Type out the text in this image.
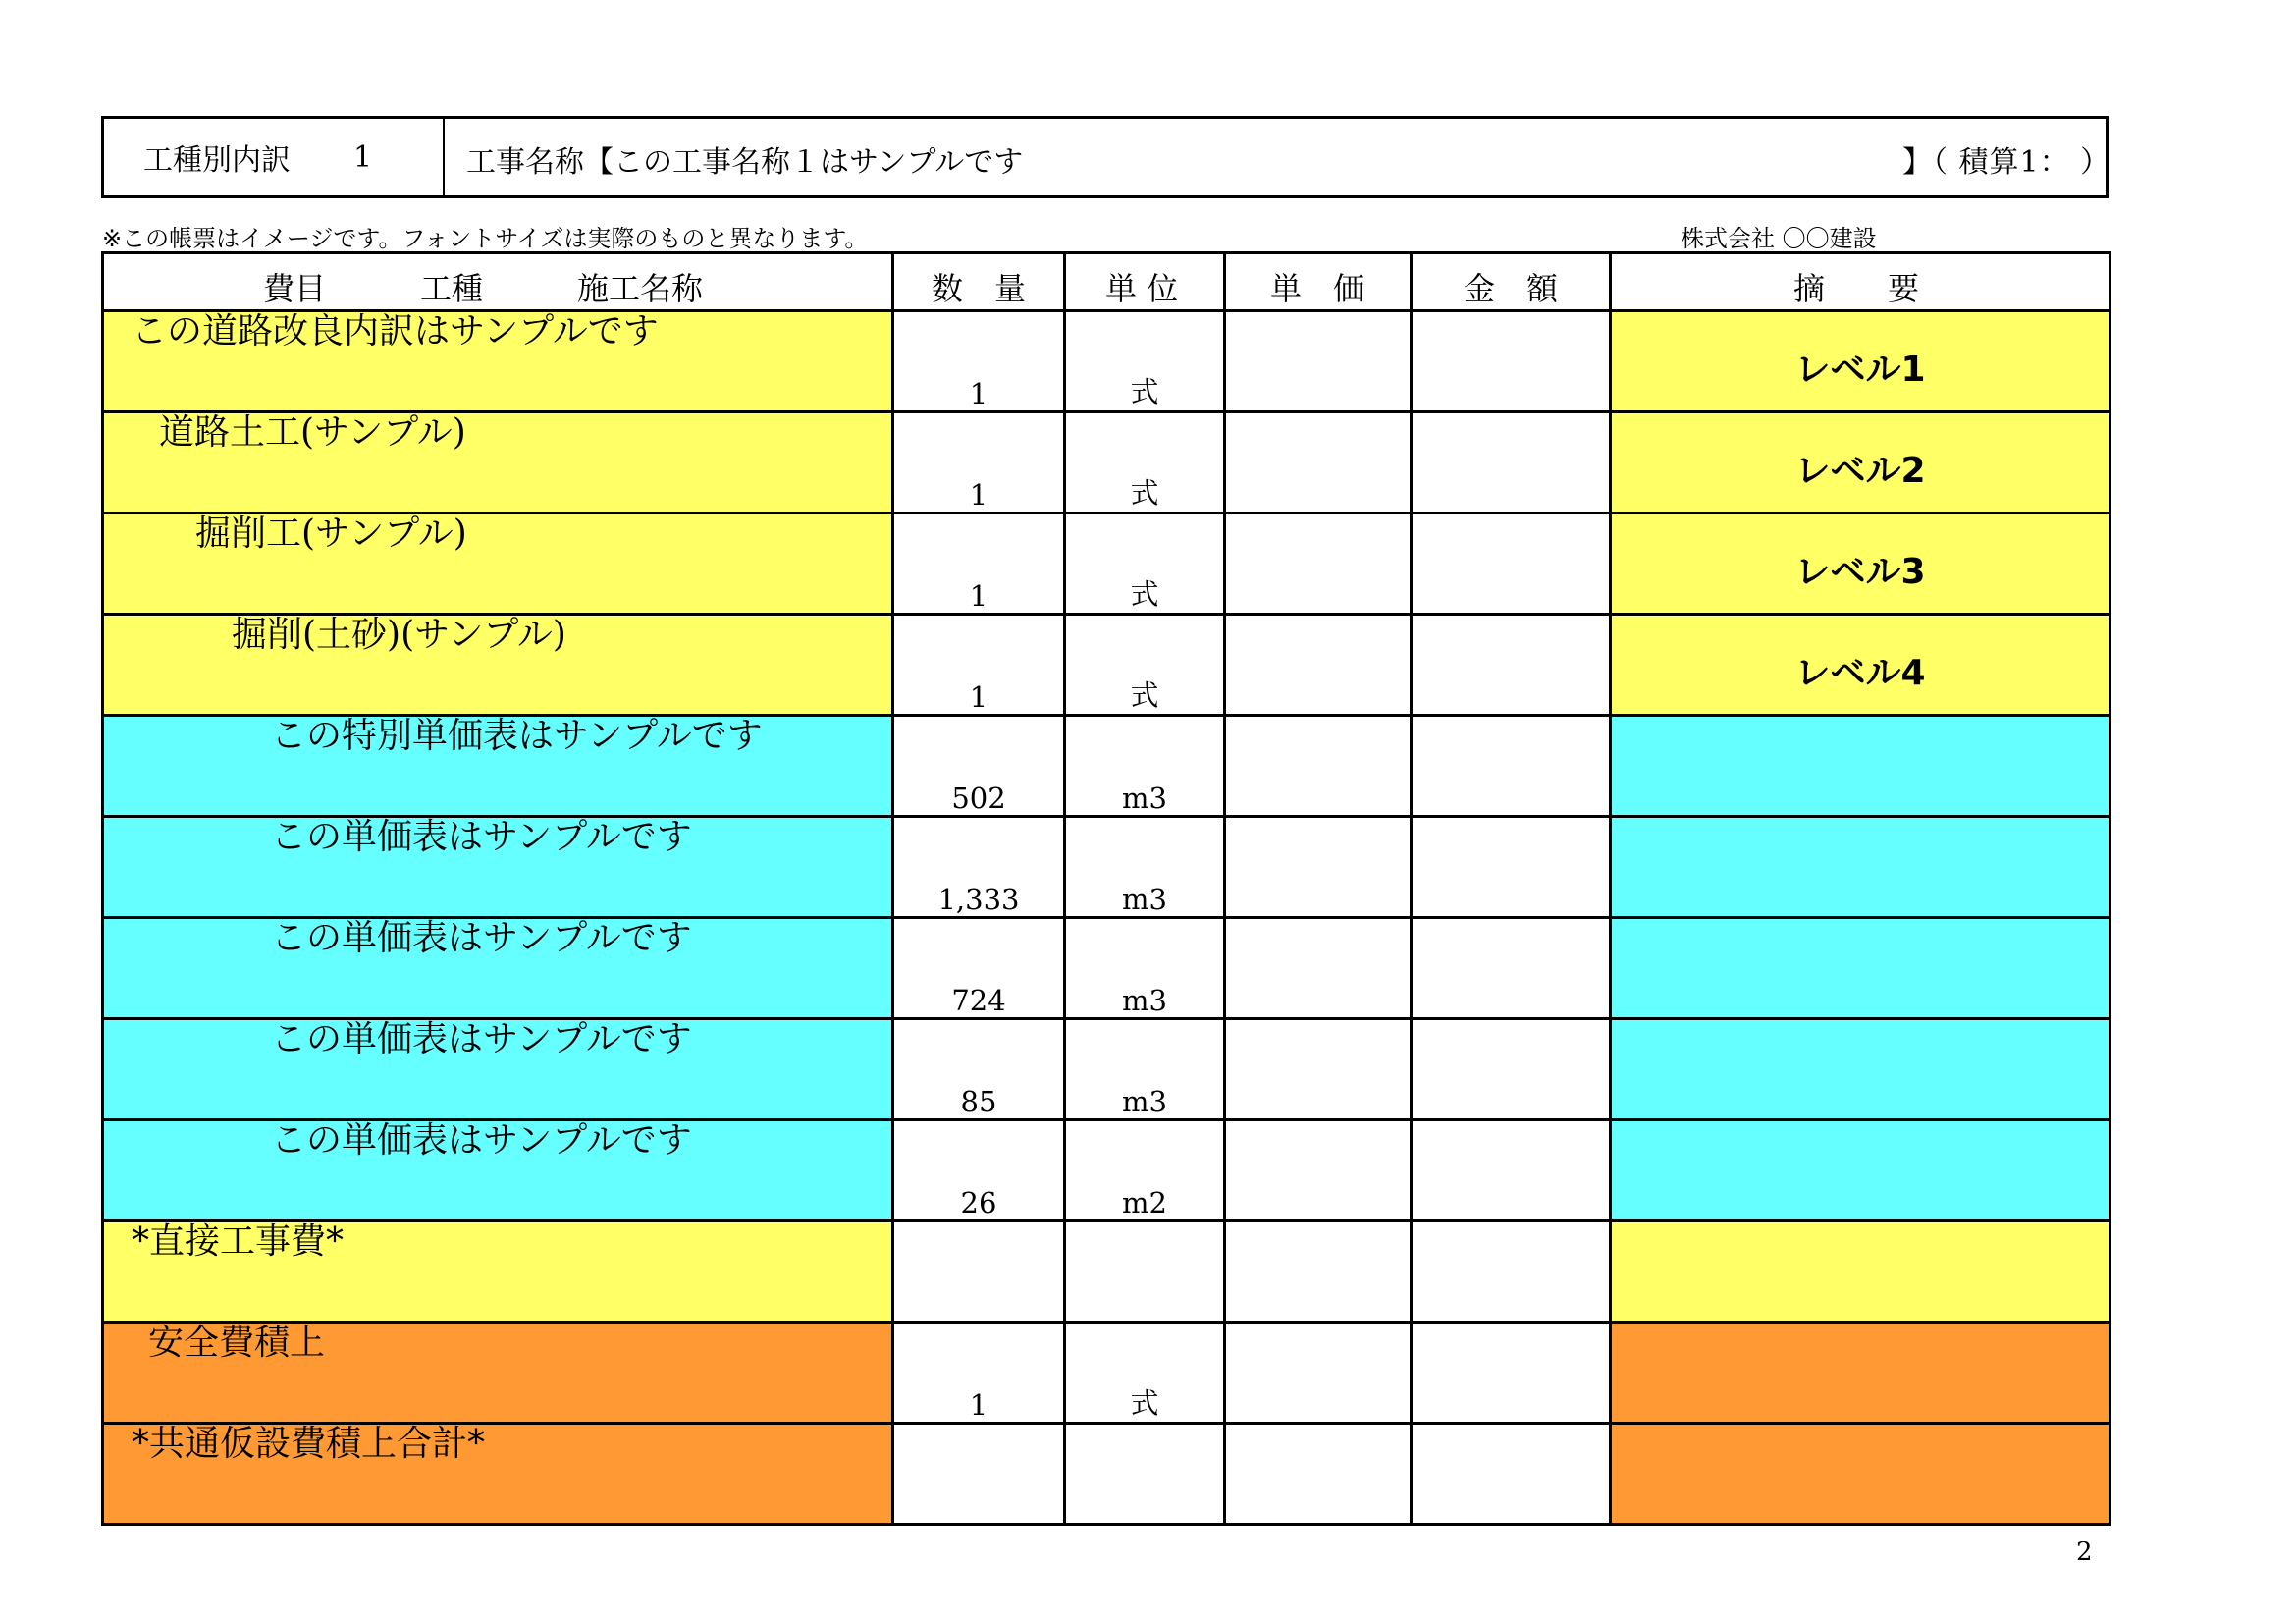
工種別内訳 1	工事名称【この工事名称１はサンプルです	】（ 積算1： ）
※この帳票はイメージです。フォントサイズは実際のものと異なります。	株式会社 〇〇建設
費目　　　工種　　　施工名称	数　量	単 位	単　価	金　額	摘　　要

この道路改良内訳はサンプルです	1	式			レベル1

道路土工(サンプル)	1	式			レベル2

掘削工(サンプル)	1	式			レベル3

掘削(土砂)(サンプル)	1	式			レベル4

この特別単価表はサンプルです	502	m3			

この単価表はサンプルです	1,333	m3			

この単価表はサンプルです	724	m3			

この単価表はサンプルです	85	m3			

この単価表はサンプルです	26	m2			

*直接工事費*					

安全費積上	1	式			

*共通仮設費積上合計*					

2
